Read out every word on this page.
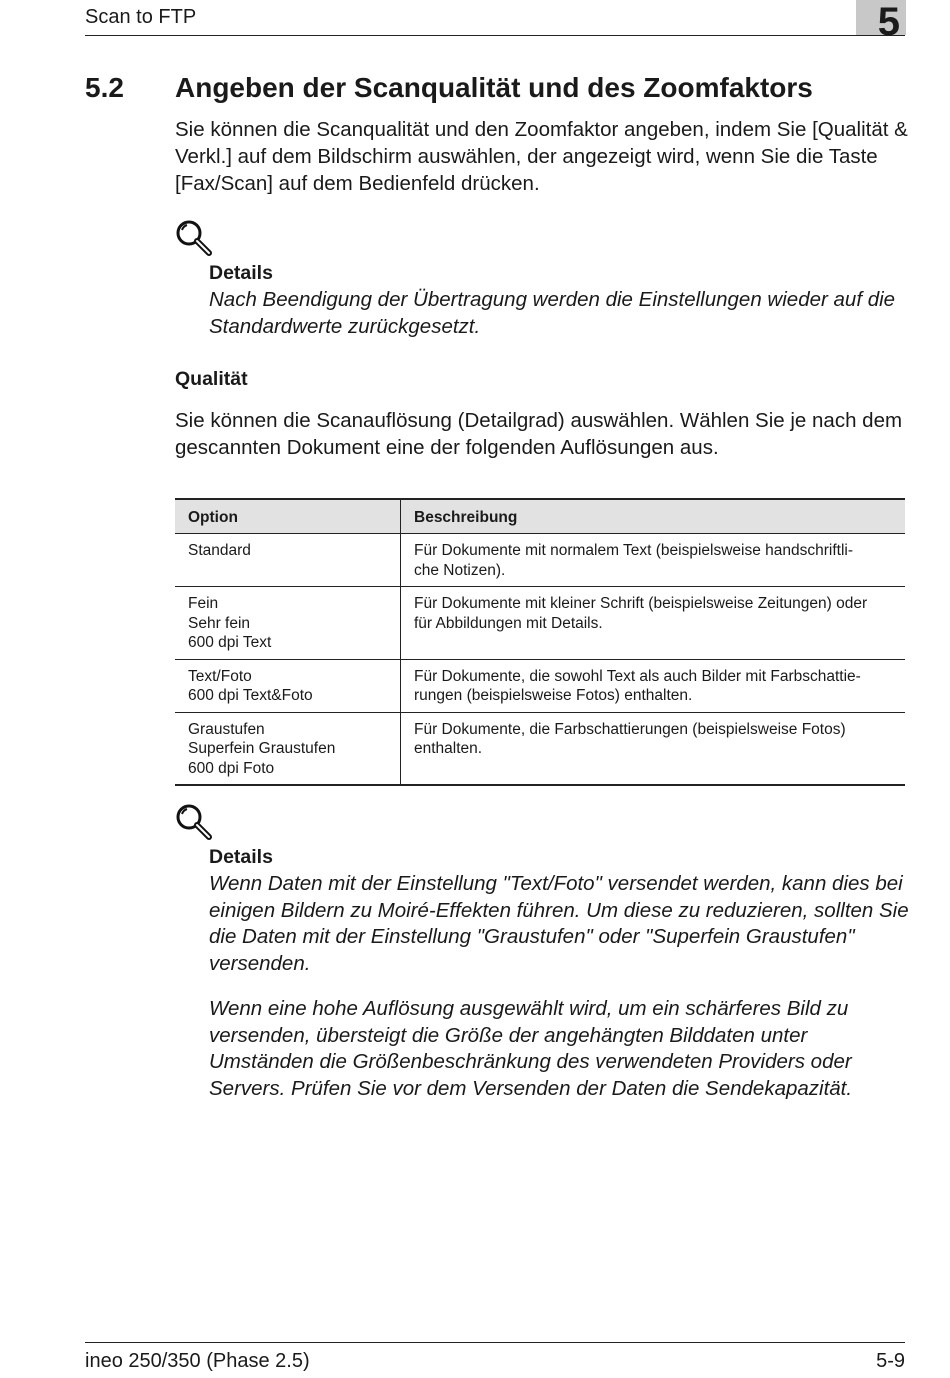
Scan to FTP	5
5.2 Angeben der Scanqualität und des Zoomfaktors
Sie können die Scanqualität und den Zoomfaktor angeben, indem Sie [Qualität & Verkl.] auf dem Bildschirm auswählen, der angezeigt wird, wenn Sie die Taste [Fax/Scan] auf dem Bedienfeld drücken.
Details
Nach Beendigung der Übertragung werden die Einstellungen wieder auf die Standardwerte zurückgesetzt.
Qualität
Sie können die Scanauflösung (Detailgrad) auswählen. Wählen Sie je nach dem gescannten Dokument eine der folgenden Auflösungen aus.
Option	Beschreibung

Standard	Für Dokumente mit normalem Text (beispielsweise handschriftli-
che Notizen).

Fein
Sehr fein
600 dpi Text	Für Dokumente mit kleiner Schrift (beispielsweise Zeitungen) oder
für Abbildungen mit Details.

Text/Foto
600 dpi Text&Foto	Für Dokumente, die sowohl Text als auch Bilder mit Farbschattie-
rungen (beispielsweise Fotos) enthalten.

Graustufen
Superfein Graustufen
600 dpi Foto	Für Dokumente, die Farbschattierungen (beispielsweise Fotos)
enthalten.
Details
Wenn Daten mit der Einstellung "Text/Foto" versendet werden, kann dies bei einigen Bildern zu Moiré-Effekten führen. Um diese zu reduzieren, sollten Sie die Daten mit der Einstellung "Graustufen" oder "Superfein Graustufen" versenden.
Wenn eine hohe Auflösung ausgewählt wird, um ein schärferes Bild zu versenden, übersteigt die Größe der angehängten Bilddaten unter Umständen die Größenbeschränkung des verwendeten Providers oder Servers. Prüfen Sie vor dem Versenden der Daten die Sendekapazität.
ineo 250/350 (Phase 2.5)	5-9
